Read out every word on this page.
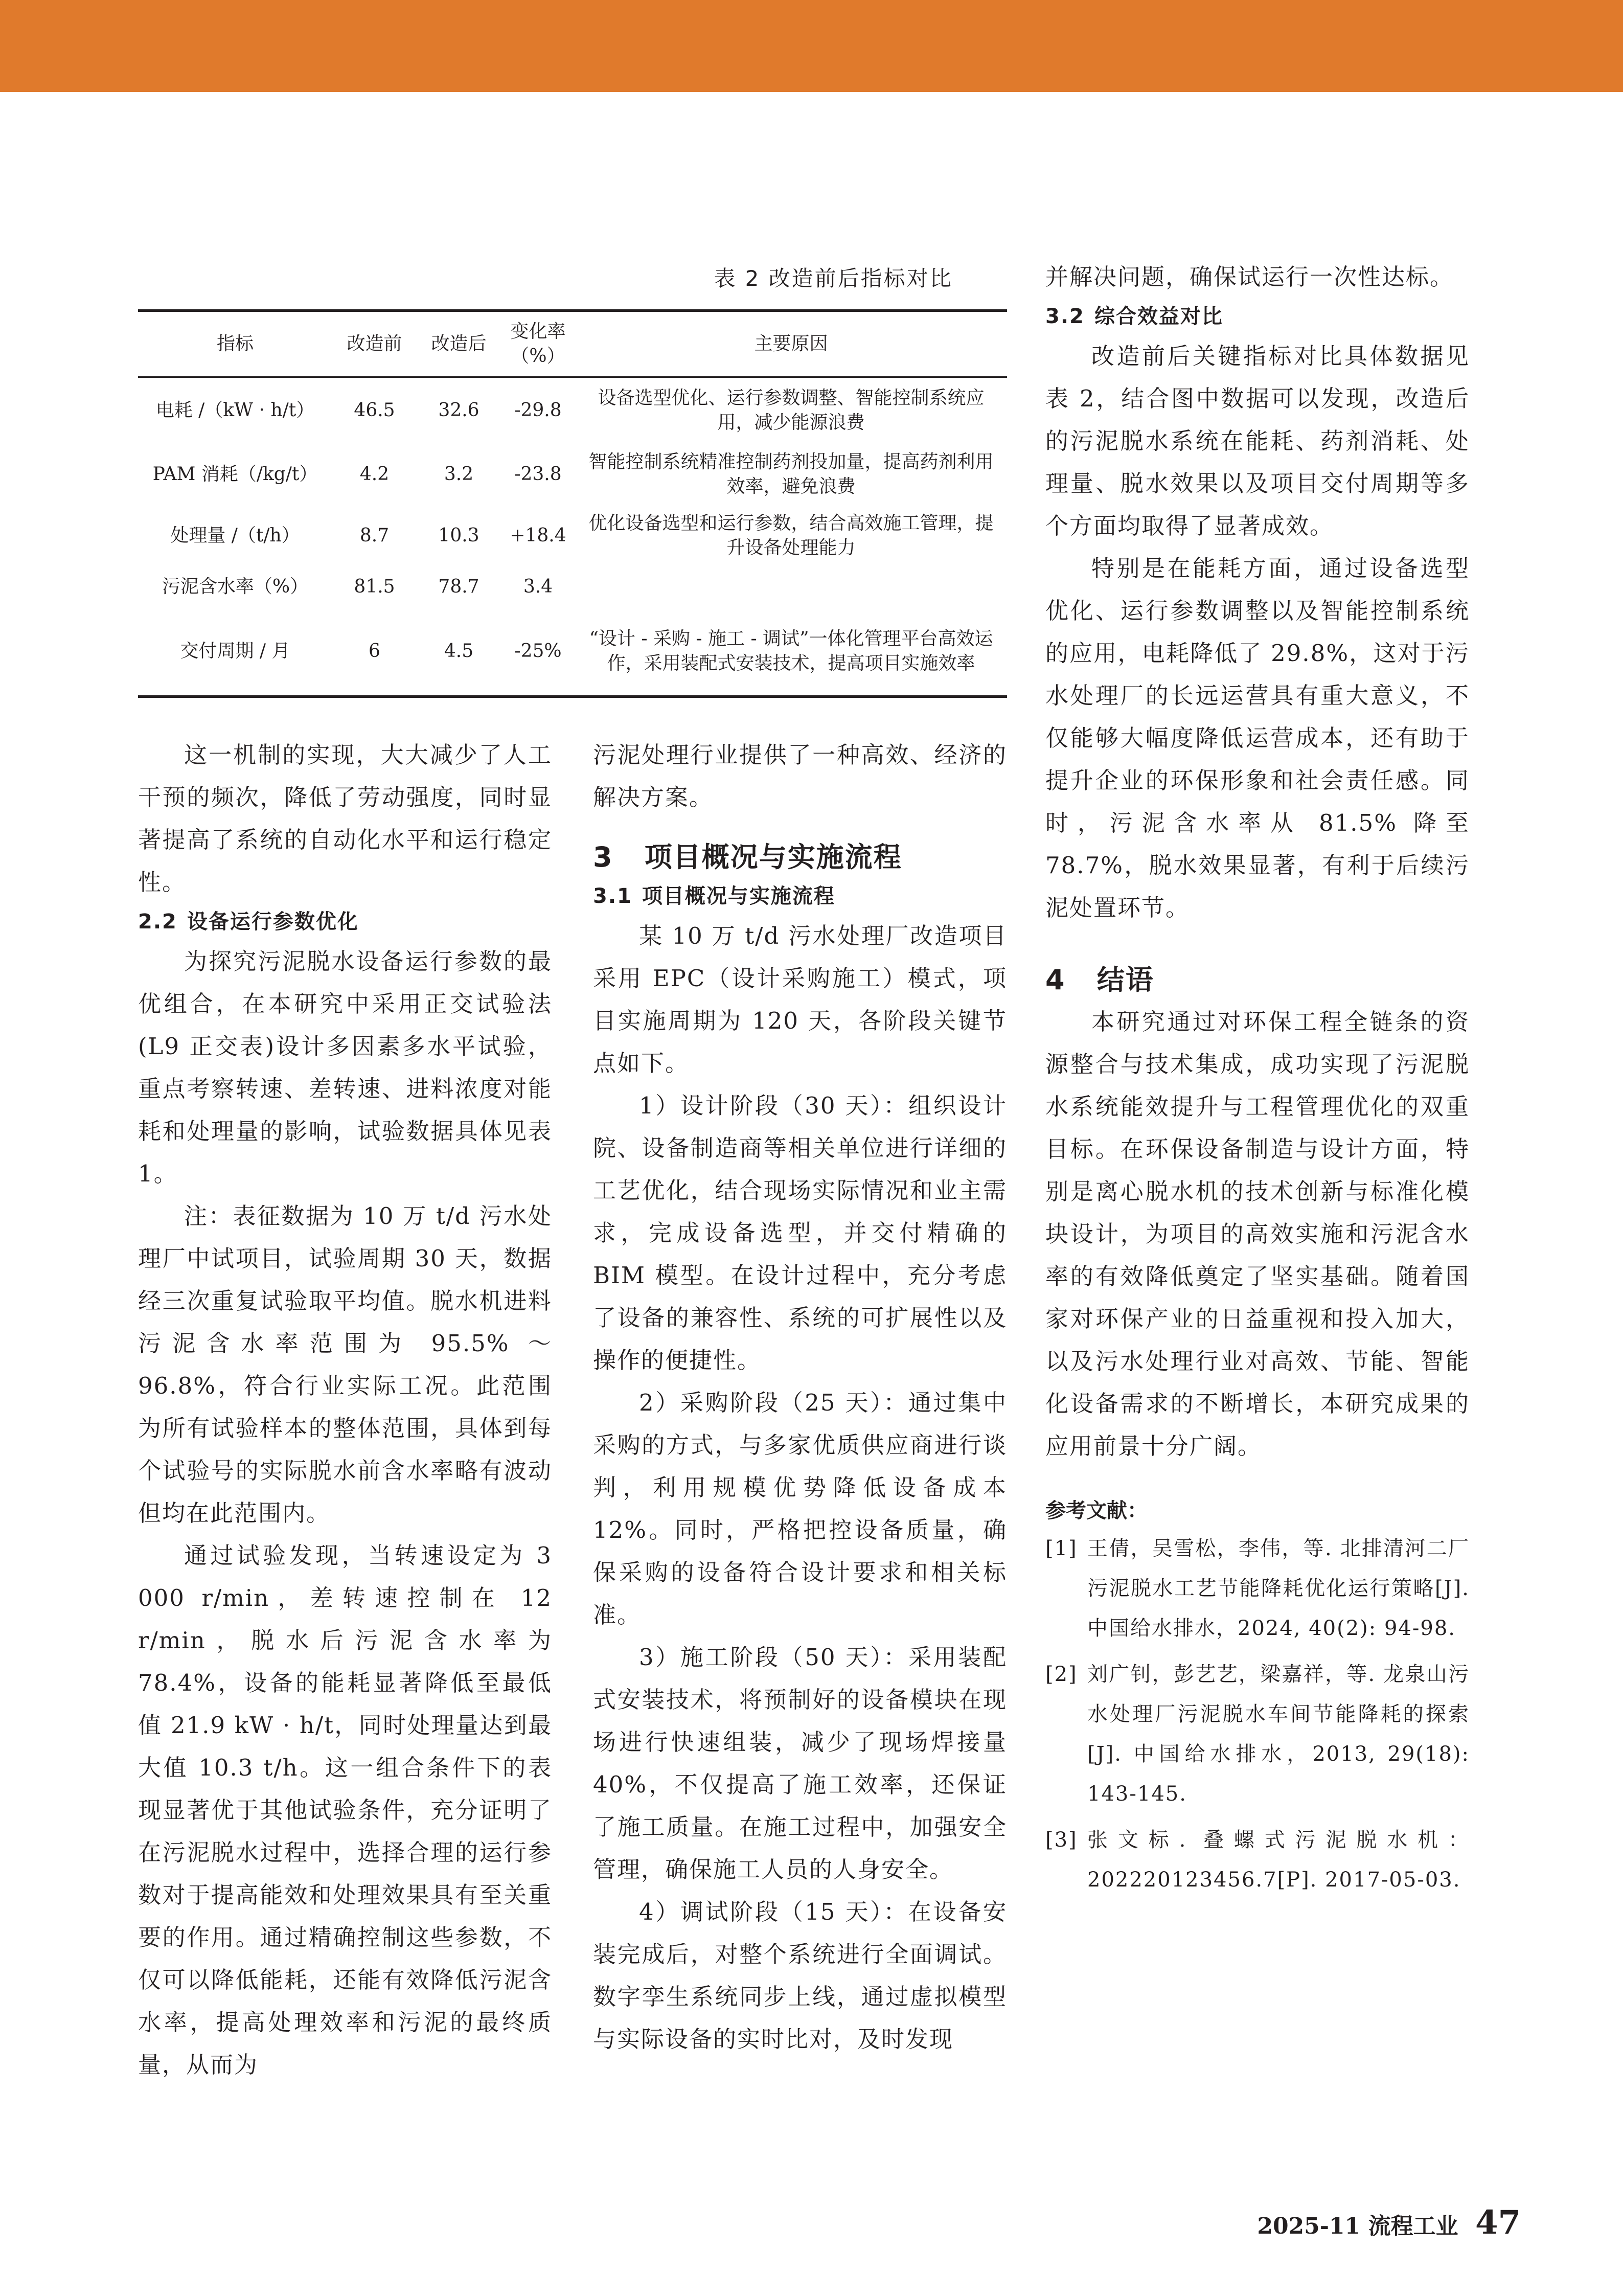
表 2 改造前后指标对比
指标	改造前	改造后	变化率（%）	主要原因
电耗 /（kW · h/t）	46.5	32.6	-29.8	设备选型优化、运行参数调整、智能控制系统应用，减少能源浪费
PAM 消耗（/kg/t）	4.2	3.2	-23.8	智能控制系统精准控制药剂投加量，提高药剂利用效率，避免浪费
处理量 /（t/h）	8.7	10.3	+18.4	优化设备选型和运行参数，结合高效施工管理，提升设备处理能力
污泥含水率（%）	81.5	78.7	3.4	
交付周期 / 月	6	4.5	-25%	“设计 - 采购 - 施工 - 调试”一体化管理平台高效运作，采用装配式安装技术，提高项目实施效率

这一机制的实现，大大减少了人工干预的频次，降低了劳动强度，同时显著提高了系统的自动化水平和运行稳定性。

2.2 设备运行参数优化

为探究污泥脱水设备运行参数的最优组合，在本研究中采用正交试验法(L9 正交表)设计多因素多水平试验，重点考察转速、差转速、进料浓度对能耗和处理量的影响，试验数据具体见表 1。

注：表征数据为 10 万 t/d 污水处理厂中试项目，试验周期 30 天，数据经三次重复试验取平均值。脱水机进料污泥含水率范围为 95.5% ～ 96.8%，符合行业实际工况。此范围为所有试验样本的整体范围，具体到每个试验号的实际脱水前含水率略有波动但均在此范围内。

通过试验发现，当转速设定为 3 000 r/min，差转速控制在 12 r/min，脱水后污泥含水率为 78.4%，设备的能耗显著降低至最低值 21.9 kW · h/t，同时处理量达到最大值 10.3 t/h。这一组合条件下的表现显著优于其他试验条件，充分证明了在污泥脱水过程中，选择合理的运行参数对于提高能效和处理效果具有至关重要的作用。通过精确控制这些参数，不仅可以降低能耗，还能有效降低污泥含水率，提高处理效率和污泥的最终质量，从而为

污泥处理行业提供了一种高效、经济的解决方案。

3 项目概况与实施流程
3.1 项目概况与实施流程

某 10 万 t/d 污水处理厂改造项目采用 EPC（设计采购施工）模式，项目实施周期为 120 天，各阶段关键节点如下。

1）设计阶段（30 天）：组织设计院、设备制造商等相关单位进行详细的工艺优化，结合现场实际情况和业主需求，完成设备选型，并交付精确的 BIM 模型。在设计过程中，充分考虑了设备的兼容性、系统的可扩展性以及操作的便捷性。

2）采购阶段（25 天）：通过集中采购的方式，与多家优质供应商进行谈判，利用规模优势降低设备成本 12%。同时，严格把控设备质量，确保采购的设备符合设计要求和相关标准。

3）施工阶段（50 天）：采用装配式安装技术，将预制好的设备模块在现场进行快速组装，减少了现场焊接量 40%，不仅提高了施工效率，还保证了施工质量。在施工过程中，加强安全管理，确保施工人员的人身安全。

4）调试阶段（15 天）：在设备安装完成后，对整个系统进行全面调试。数字孪生系统同步上线，通过虚拟模型与实际设备的实时比对，及时发现

并解决问题，确保试运行一次性达标。

3.2 综合效益对比

改造前后关键指标对比具体数据见表 2，结合图中数据可以发现，改造后的污泥脱水系统在能耗、药剂消耗、处理量、脱水效果以及项目交付周期等多个方面均取得了显著成效。

特别是在能耗方面，通过设备选型优化、运行参数调整以及智能控制系统的应用，电耗降低了 29.8%，这对于污水处理厂的长远运营具有重大意义，不仅能够大幅度降低运营成本，还有助于提升企业的环保形象和社会责任感。同时，污泥含水率从 81.5% 降至 78.7%，脱水效果显著，有利于后续污泥处置环节。

4 结语

本研究通过对环保工程全链条的资源整合与技术集成，成功实现了污泥脱水系统能效提升与工程管理优化的双重目标。在环保设备制造与设计方面，特别是离心脱水机的技术创新与标准化模块设计，为项目的高效实施和污泥含水率的有效降低奠定了坚实基础。随着国家对环保产业的日益重视和投入加大，以及污水处理行业对高效、节能、智能化设备需求的不断增长，本研究成果的应用前景十分广阔。

参考文献：
[1] 王倩，吴雪松，李伟，等. 北排清河二厂污泥脱水工艺节能降耗优化运行策略[J]. 中国给水排水，2024, 40(2): 94-98.
[2] 刘广钊，彭艺艺，梁嘉祥，等. 龙泉山污水处理厂污泥脱水车间节能降耗的探索[J]. 中国给水排水，2013, 29(18): 143-145.
[3] 张文标. 叠螺式污泥脱水机：202220123456.7[P]. 2017-05-03.
2025-11 流程工业 47
